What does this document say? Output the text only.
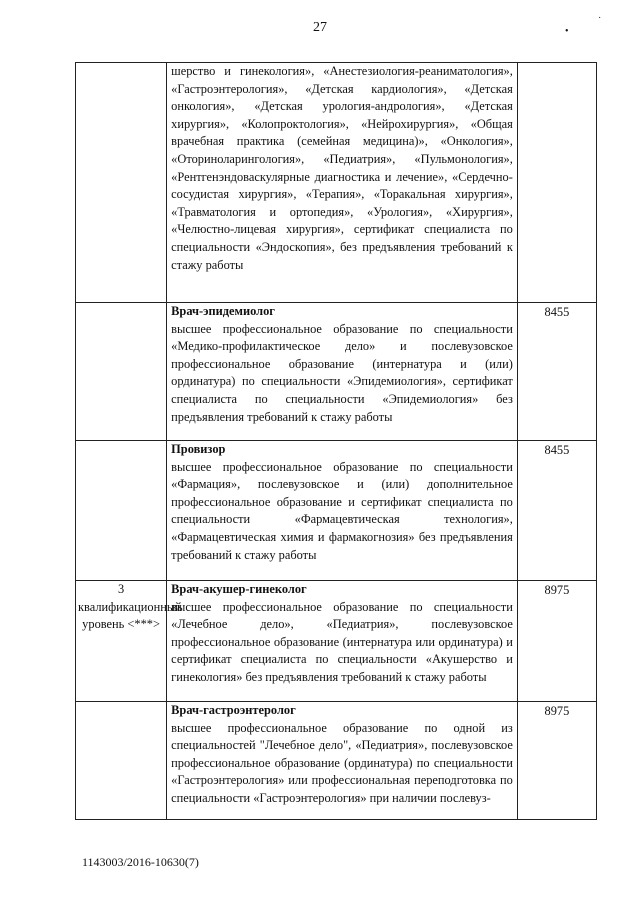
27	•
˙

шерство и гинекология», «Анестезиология-реаниматология», «Гастроэнтерология», «Детская кардиология», «Детская онкология», «Детская урология-андрология», «Детская хирургия», «Колопроктология», «Нейрохирургия», «Общая врачебная практика (семейная медицина)», «Онкология», «Оториноларингология», «Педиатрия», «Пульмонология», «Рентгенэндоваскулярные диагностика и лечение», «Сердечно-сосудистая хирургия», «Терапия», «Торакальная хирургия», «Травматология и ортопедия», «Урология», «Хирургия», «Челюстно-лицевая хирургия», сертификат специалиста по специальности «Эндоскопия», без предъявления требований к стажу работы	

	Врач-эпидемиолог
высшее профессиональное образование по специальности «Медико-профилактическое дело» и послевузовское профессиональное образование (интернатура и (или) ординатура) по специальности «Эпидемиология», сертификат специалиста по специальности «Эпидемиология» без предъявления требований к стажу работы	8455

	Провизор
высшее профессиональное образование по специальности «Фармация», послевузовское и (или) дополнительное профессиональное образование и сертификат специалиста по специальности «Фармацевтическая технология», «Фармацевтическая химия и фармакогнозия» без предъявления требований к стажу работы	8455

3 квалификационный уровень <***>	Врач-акушер-гинеколог
высшее профессиональное образование по специальности «Лечебное дело», «Педиатрия», послевузовское профессиональное образование (интернатура или ординатура) и сертификат специалиста по специальности «Акушерство и гинекология» без предъявления требований к стажу работы	8975

	Врач-гастроэнтеролог
высшее профессиональное образование по одной из специальностей "Лечебное дело", «Педиатрия», послевузовское профессиональное образование (ординатура) по специальности «Гастроэнтерология» или профессиональная переподготовка по специальности «Гастроэнтерология» при наличии послевуз-	8975
1143003/2016-10630(7)
